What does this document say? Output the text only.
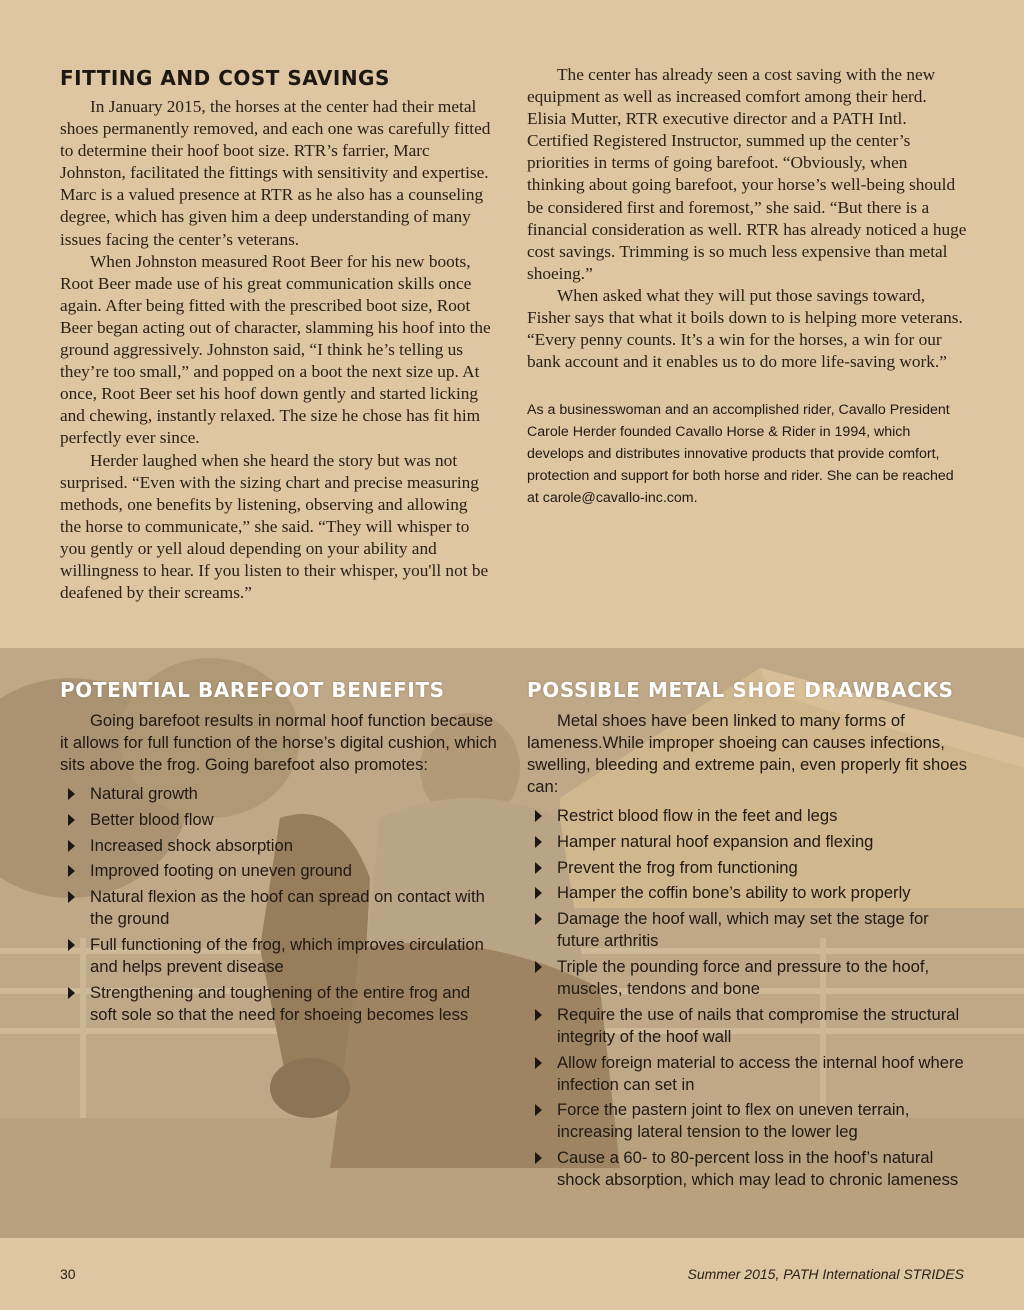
FITTING AND COST SAVINGS

In January 2015, the horses at the center had their metal shoes permanently removed, and each one was carefully fitted to determine their hoof boot size. RTR’s farrier, Marc Johnston, facilitated the fittings with sensitivity and expertise. Marc is a valued presence at RTR as he also has a counseling degree, which has given him a deep understanding of many issues facing the center’s veterans.

When Johnston measured Root Beer for his new boots, Root Beer made use of his great communication skills once again. After being fitted with the prescribed boot size, Root Beer began acting out of character, slamming his hoof into the ground aggressively. Johnston said, “I think he’s telling us they’re too small,” and popped on a boot the next size up. At once, Root Beer set his hoof down gently and started licking and chewing, instantly relaxed. The size he chose has fit him perfectly ever since.

Herder laughed when she heard the story but was not surprised. “Even with the sizing chart and precise measuring methods, one benefits by listening, observing and allowing the horse to communicate,” she said. “They will whisper to you gently or yell aloud depending on your ability and willingness to hear. If you listen to their whisper, you'll not be deafened by their screams.”

The center has already seen a cost saving with the new equipment as well as increased comfort among their herd. Elisia Mutter, RTR executive director and a PATH Intl. Certified Registered Instructor, summed up the center’s priorities in terms of going barefoot. “Obviously, when thinking about going barefoot, your horse’s well-being should be considered first and foremost,” she said. “But there is a financial consideration as well. RTR has already noticed a huge cost savings. Trimming is so much less expensive than metal shoeing.”

When asked what they will put those savings toward, Fisher says that what it boils down to is helping more veterans. “Every penny counts. It’s a win for the horses, a win for our bank account and it enables us to do more life-saving work.”

As a businesswoman and an accomplished rider, Cavallo President Carole Herder founded Cavallo Horse & Rider in 1994, which develops and distributes innovative products that provide comfort, protection and support for both horse and rider. She can be reached at carole@cavallo-inc.com.

POTENTIAL BAREFOOT BENEFITS

Going barefoot results in normal hoof function because it allows for full function of the horse’s digital cushion, which sits above the frog. Going barefoot also promotes:

Natural growth
Better blood flow
Increased shock absorption
Improved footing on uneven ground
Natural flexion as the hoof can spread on contact with the ground
Full functioning of the frog, which improves circulation and helps prevent disease
Strengthening and toughening of the entire frog and soft sole so that the need for shoeing becomes less
POSSIBLE METAL SHOE DRAWBACKS

Metal shoes have been linked to many forms of lameness.While improper shoeing can causes infections, swelling, bleeding and extreme pain, even properly fit shoes can:

Restrict blood flow in the feet and legs
Hamper natural hoof expansion and flexing
Prevent the frog from functioning
Hamper the coffin bone’s ability to work properly
Damage the hoof wall, which may set the stage for future arthritis
Triple the pounding force and pressure to the hoof, muscles, tendons and bone
Require the use of nails that compromise the structural integrity of the hoof wall
Allow foreign material to access the internal hoof where infection can set in
Force the pastern joint to flex on uneven terrain, increasing lateral tension to the lower leg
Cause a 60- to 80-percent loss in the hoof’s natural shock absorption, which may lead to chronic lameness
30	Summer 2015, PATH International STRIDES
